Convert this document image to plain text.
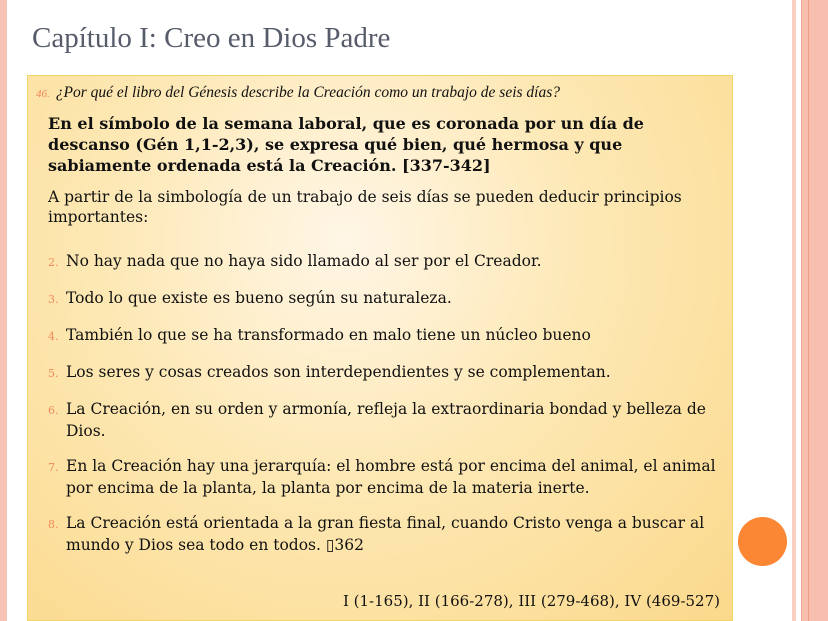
Capítulo I: Creo en Dios Padre
46. ¿Por qué el libro del Génesis describe la Creación como un trabajo de seis días?
En el símbolo de la semana laboral, que es coronada por un día de descanso (Gén 1,1-2,3), se expresa qué bien, qué hermosa y que sabiamente ordenada está la Creación. [337-342]
A partir de la simbología de un trabajo de seis días se pueden deducir principios importantes:
2. No hay nada que no haya sido llamado al ser por el Creador.
3. Todo lo que existe es bueno según su naturaleza.
4. También lo que se ha transformado en malo tiene un núcleo bueno
5. Los seres y cosas creados son interdependientes y se complementan.
6. La Creación, en su orden y armonía, refleja la extraordinaria bondad y belleza de Dios.
7. En la Creación hay una jerarquía: el hombre está por encima del animal, el animal por encima de la planta, la planta por encima de la materia inerte.
8. La Creación está orientada a la gran fiesta final, cuando Cristo venga a buscar al mundo y Dios sea todo en todos. ▯362
I (1-165), II (166-278), III (279-468), IV (469-527)
